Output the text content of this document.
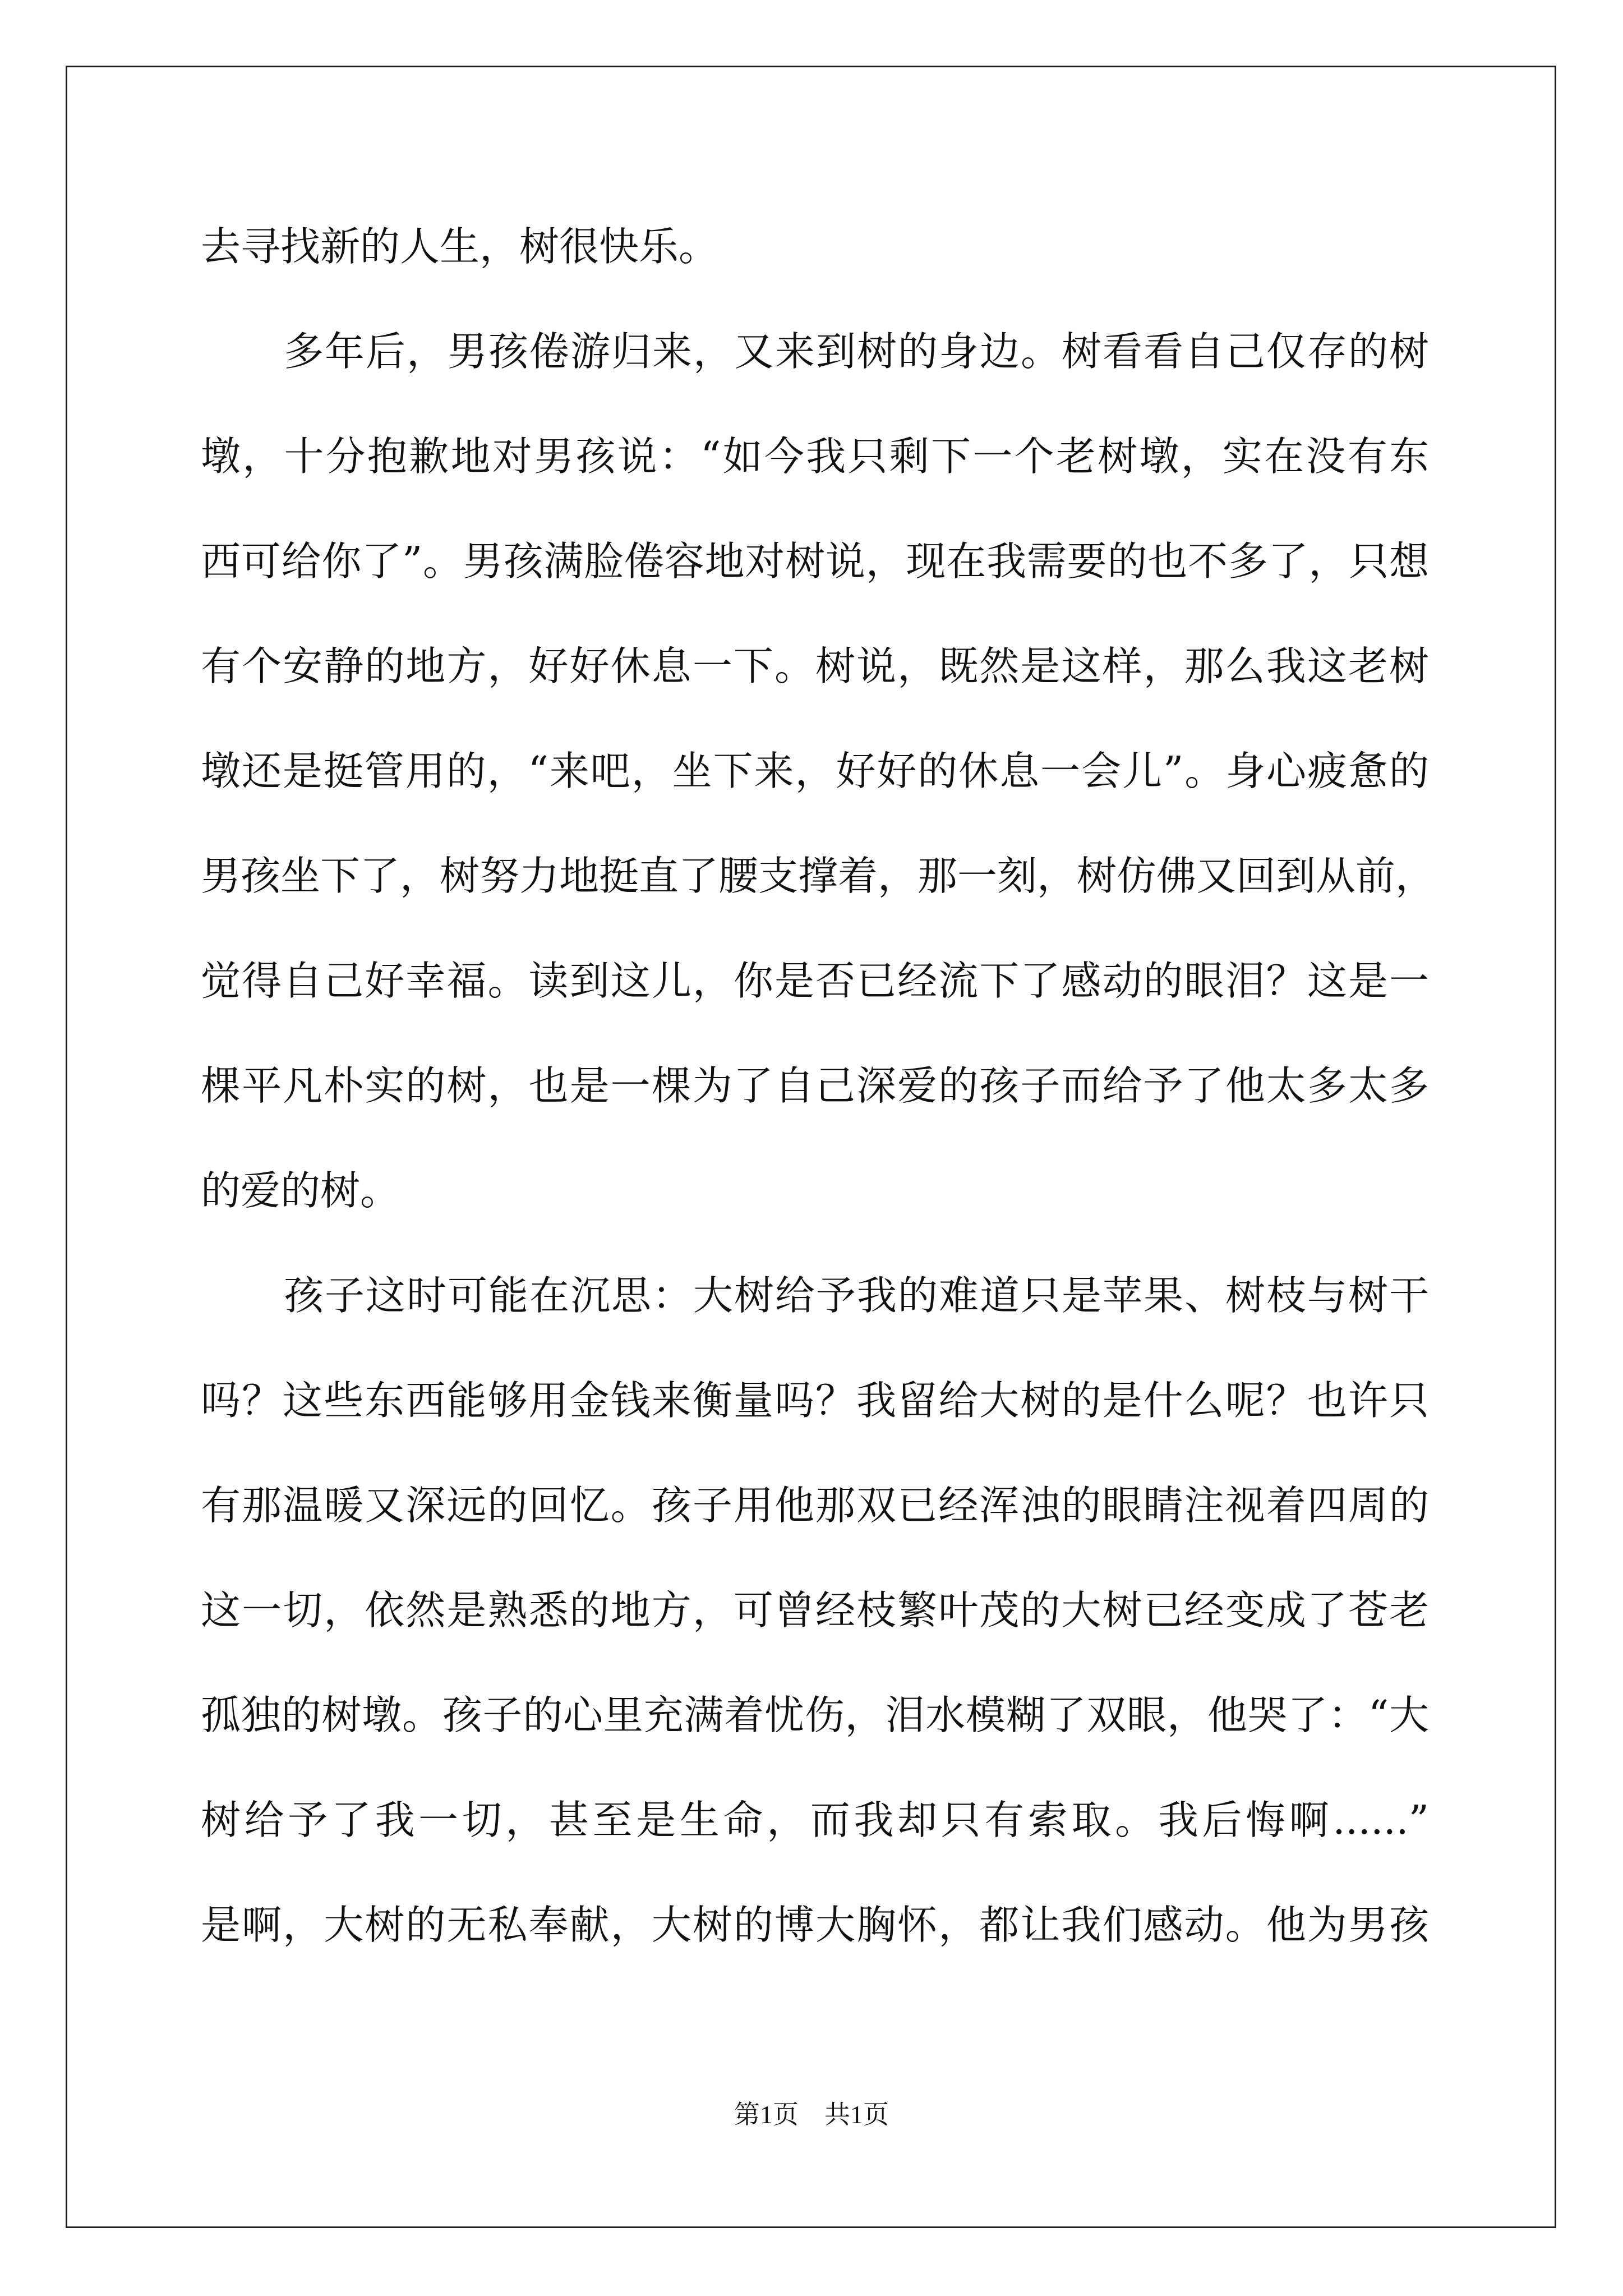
去寻找新的人生，树很快乐。
多年后，男孩倦游归来，又来到树的身边。树看看自己仅存的树
墩，十分抱歉地对男孩说：“如今我只剩下一个老树墩，实在没有东
西可给你了”。男孩满脸倦容地对树说，现在我需要的也不多了，只想
有个安静的地方，好好休息一下。树说，既然是这样，那么我这老树
墩还是挺管用的，“来吧，坐下来，好好的休息一会儿”。身心疲惫的
男孩坐下了，树努力地挺直了腰支撑着，那一刻，树仿佛又回到从前，
觉得自己好幸福。读到这儿，你是否已经流下了感动的眼泪？这是一
棵平凡朴实的树，也是一棵为了自己深爱的孩子而给予了他太多太多
的爱的树。
孩子这时可能在沉思：大树给予我的难道只是苹果、树枝与树干
吗？这些东西能够用金钱来衡量吗？我留给大树的是什么呢？也许只
有那温暖又深远的回忆。孩子用他那双已经浑浊的眼睛注视着四周的
这一切，依然是熟悉的地方，可曾经枝繁叶茂的大树已经变成了苍老
孤独的树墩。孩子的心里充满着忧伤，泪水模糊了双眼，他哭了：“大
树给予了我一切，甚至是生命，而我却只有索取。我后悔啊......”
是啊，大树的无私奉献，大树的博大胸怀，都让我们感动。他为男孩
第1页　共1页
